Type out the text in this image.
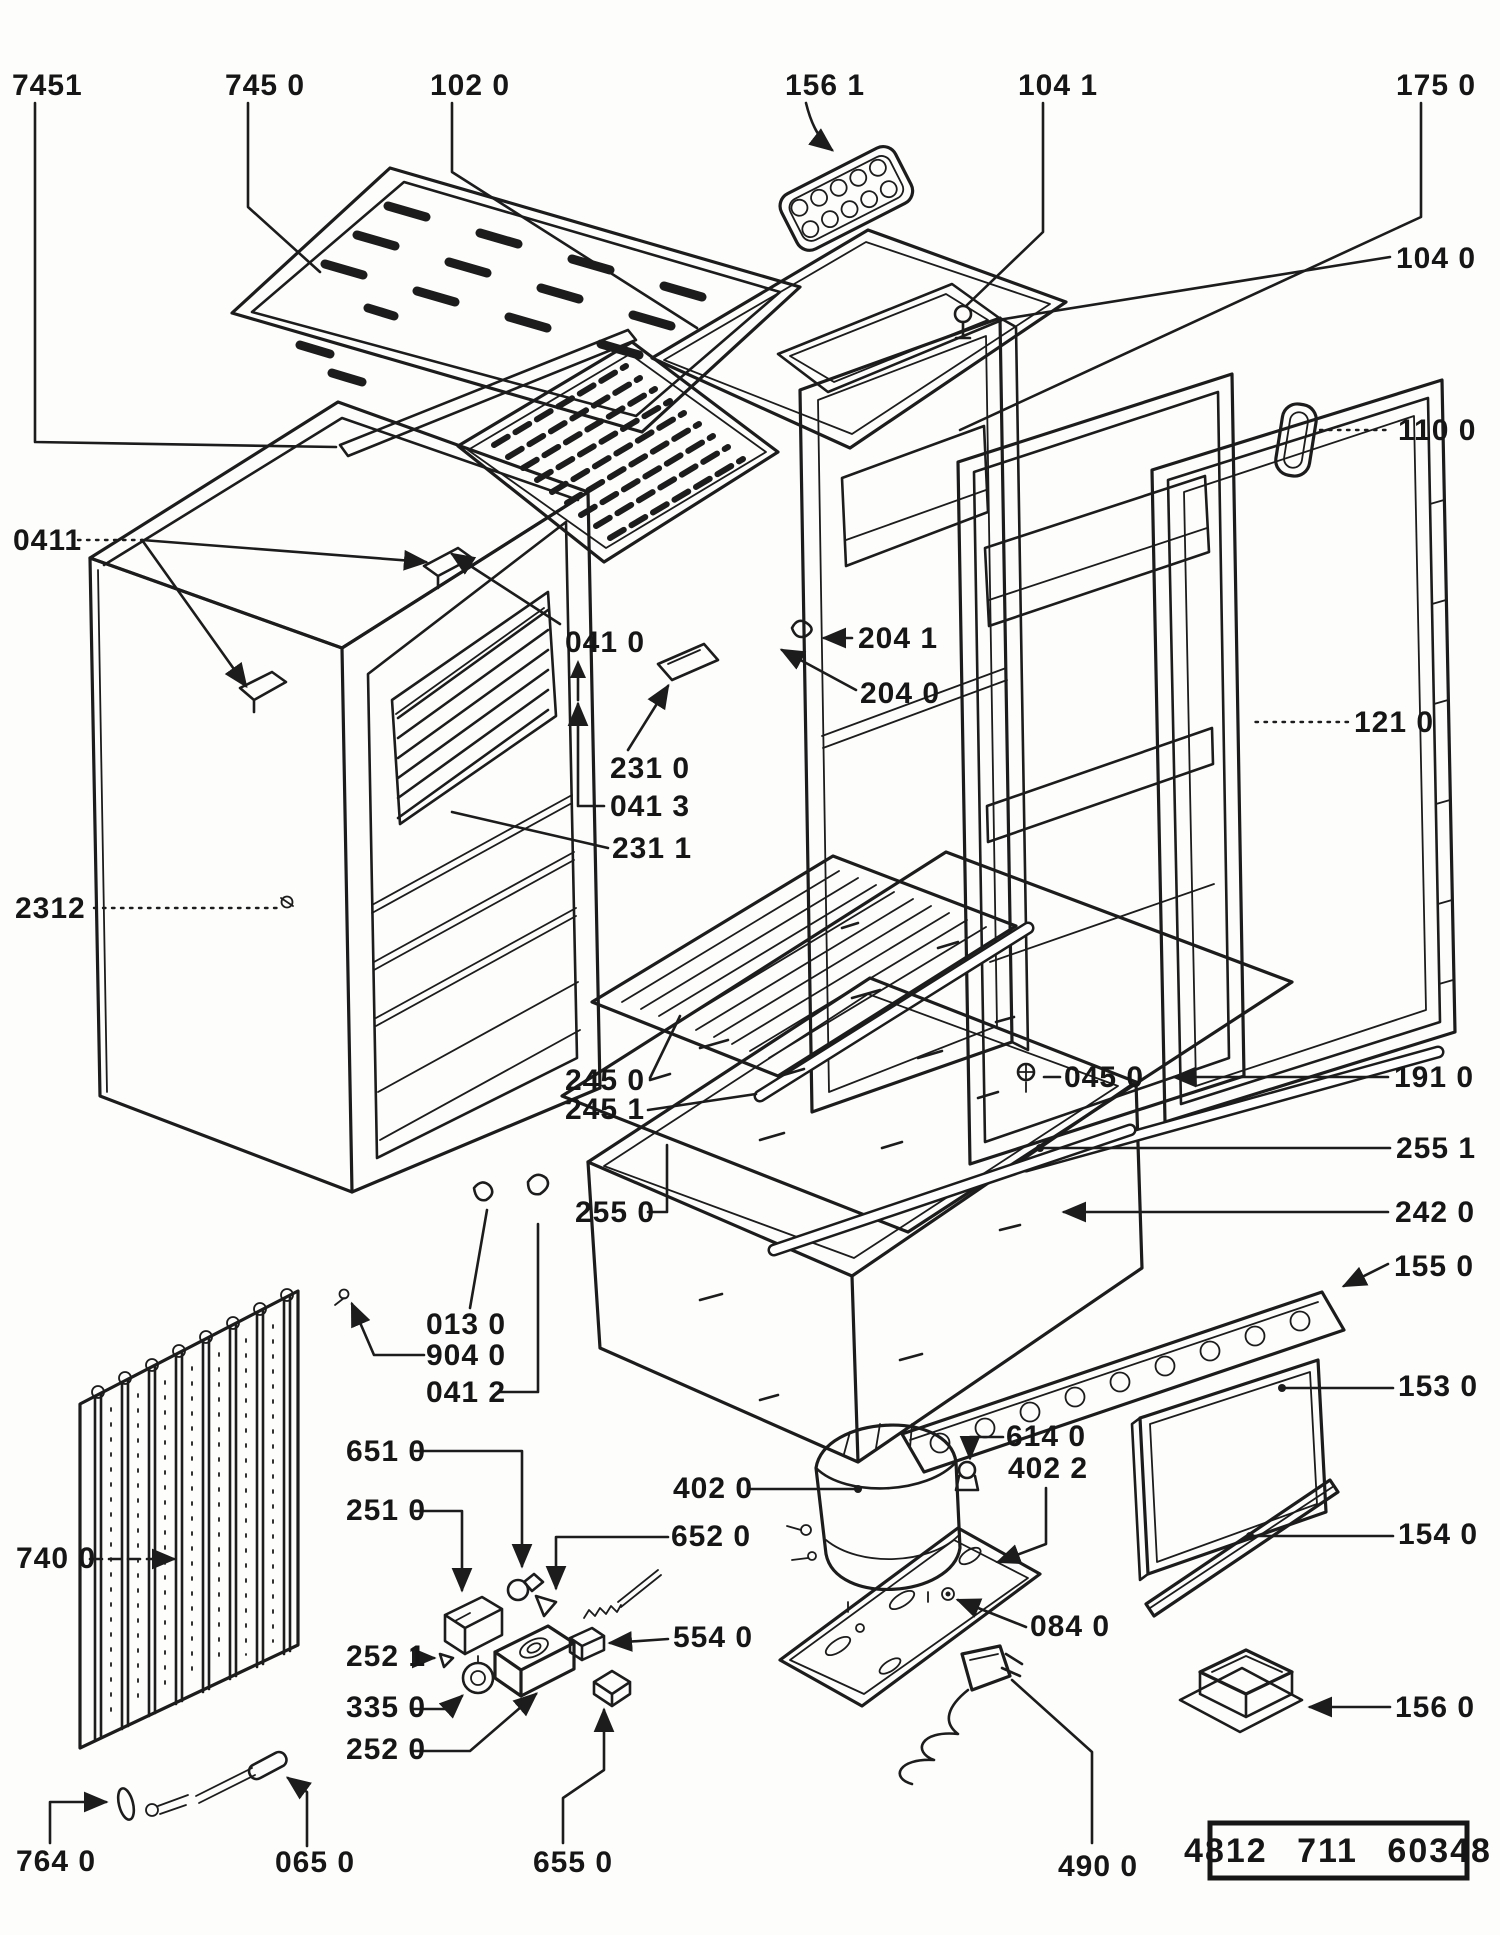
7451	745 0	102 0	156 1	104 1	175 0
104 0
110 0
0411
041 0	204 1
204 0
231 0
041 3
231 1
121 0
2312
245 0
245 1
045 0	191 0
255 1
242 0
155 0
255 0
013 0
904 0
041 2	153 0
651 0	614 0
402 2
402 0
251 0
652 0	154 0
554 0
252 1
084 0
335 0
252 0
740 0
156 0
764 0	065 0	655 0	490 0 4812 711 60348
